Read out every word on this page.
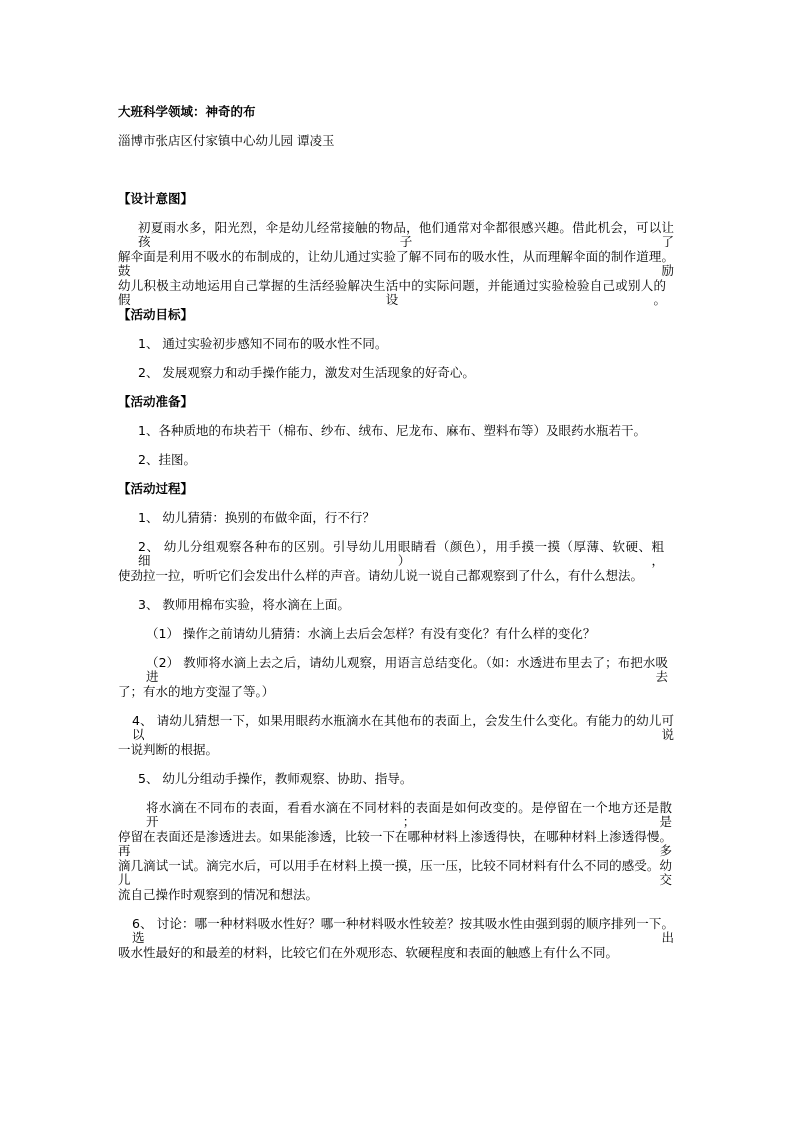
大班科学领域：神奇的布
淄博市张店区付家镇中心幼儿园 谭凌玉
【设计意图】
初夏雨水多，阳光烈，伞是幼儿经常接触的物品，他们通常对伞都很感兴趣。借此机会，可以让孩子了
解伞面是利用不吸水的布制成的，让幼儿通过实验了解不同布的吸水性，从而理解伞面的制作道理。鼓励
幼儿积极主动地运用自己掌握的生活经验解决生活中的实际问题，并能通过实验检验自己或别人的假设。
【活动目标】
1、 通过实验初步感知不同布的吸水性不同。
2、 发展观察力和动手操作能力，激发对生活现象的好奇心。
【活动准备】
1、各种质地的布块若干（棉布、纱布、绒布、尼龙布、麻布、塑料布等）及眼药水瓶若干。
2、挂图。
【活动过程】
1、 幼儿猜猜：换别的布做伞面，行不行？
2、 幼儿分组观察各种布的区别。引导幼儿用眼睛看（颜色），用手摸一摸（厚薄、软硬、粗细），
使劲拉一拉，听听它们会发出什么样的声音。请幼儿说一说自己都观察到了什么，有什么想法。
3、 教师用棉布实验，将水滴在上面。
（1） 操作之前请幼儿猜猜：水滴上去后会怎样？有没有变化？有什么样的变化？
（2） 教师将水滴上去之后，请幼儿观察，用语言总结变化。（如：水透进布里去了；布把水吸进去
了；有水的地方变湿了等。）
4、 请幼儿猜想一下，如果用眼药水瓶滴水在其他布的表面上，会发生什么变化。有能力的幼儿可以说
一说判断的根据。
5、 幼儿分组动手操作，教师观察、协助、指导。
将水滴在不同布的表面，看看水滴在不同材料的表面是如何改变的。是停留在一个地方还是散开；是
停留在表面还是渗透进去。如果能渗透，比较一下在哪种材料上渗透得快，在哪种材料上渗透得慢。再多
滴几滴试一试。滴完水后，可以用手在材料上摸一摸，压一压，比较不同材料有什么不同的感受。幼儿交
流自己操作时观察到的情况和想法。
6、 讨论：哪一种材料吸水性好？哪一种材料吸水性较差？按其吸水性由强到弱的顺序排列一下。选出
吸水性最好的和最差的材料，比较它们在外观形态、软硬程度和表面的触感上有什么不同。
